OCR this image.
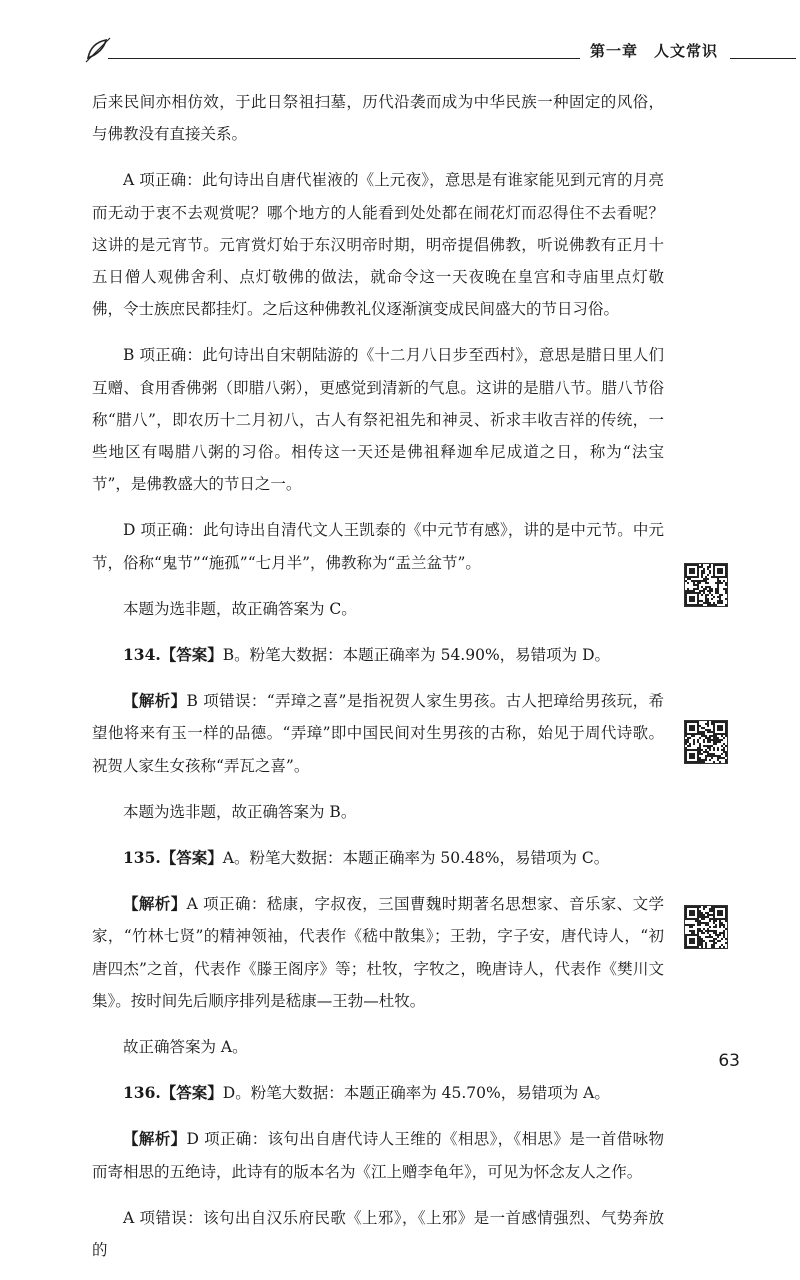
第一章　人文常识

后来民间亦相仿效，于此日祭祖扫墓，历代沿袭而成为中华民族一种固定的风俗，与佛教没有直接关系。

A 项正确：此句诗出自唐代崔液的《上元夜》，意思是有谁家能见到元宵的月亮而无动于衷不去观赏呢？哪个地方的人能看到处处都在闹花灯而忍得住不去看呢？这讲的是元宵节。元宵赏灯始于东汉明帝时期，明帝提倡佛教，听说佛教有正月十五日僧人观佛舍利、点灯敬佛的做法，就命令这一天夜晚在皇宫和寺庙里点灯敬佛，令士族庶民都挂灯。之后这种佛教礼仪逐渐演变成民间盛大的节日习俗。

B 项正确：此句诗出自宋朝陆游的《十二月八日步至西村》，意思是腊日里人们互赠、食用香佛粥（即腊八粥），更感觉到清新的气息。这讲的是腊八节。腊八节俗称“腊八”，即农历十二月初八，古人有祭祀祖先和神灵、祈求丰收吉祥的传统，一些地区有喝腊八粥的习俗。相传这一天还是佛祖释迦牟尼成道之日，称为“法宝节”，是佛教盛大的节日之一。

D 项正确：此句诗出自清代文人王凯泰的《中元节有感》，讲的是中元节。中元节，俗称“鬼节”“施孤”“七月半”，佛教称为“盂兰盆节”。

本题为选非题，故正确答案为 C。

134.【答案】B。粉笔大数据：本题正确率为 54.90%，易错项为 D。

【解析】B 项错误：“弄璋之喜”是指祝贺人家生男孩。古人把璋给男孩玩，希望他将来有玉一样的品德。“弄璋”即中国民间对生男孩的古称，始见于周代诗歌。祝贺人家生女孩称“弄瓦之喜”。

本题为选非题，故正确答案为 B。

135.【答案】A。粉笔大数据：本题正确率为 50.48%，易错项为 C。

【解析】A 项正确：嵇康，字叔夜，三国曹魏时期著名思想家、音乐家、文学家，“竹林七贤”的精神领袖，代表作《嵇中散集》；王勃，字子安，唐代诗人，“初唐四杰”之首，代表作《滕王阁序》等；杜牧，字牧之，晚唐诗人，代表作《樊川文集》。按时间先后顺序排列是嵇康—王勃—杜牧。

故正确答案为 A。

136.【答案】D。粉笔大数据：本题正确率为 45.70%，易错项为 A。

【解析】D 项正确：该句出自唐代诗人王维的《相思》，《相思》是一首借咏物而寄相思的五绝诗，此诗有的版本名为《江上赠李龟年》，可见为怀念友人之作。

A 项错误：该句出自汉乐府民歌《上邪》，《上邪》是一首感情强烈、气势奔放的

63
